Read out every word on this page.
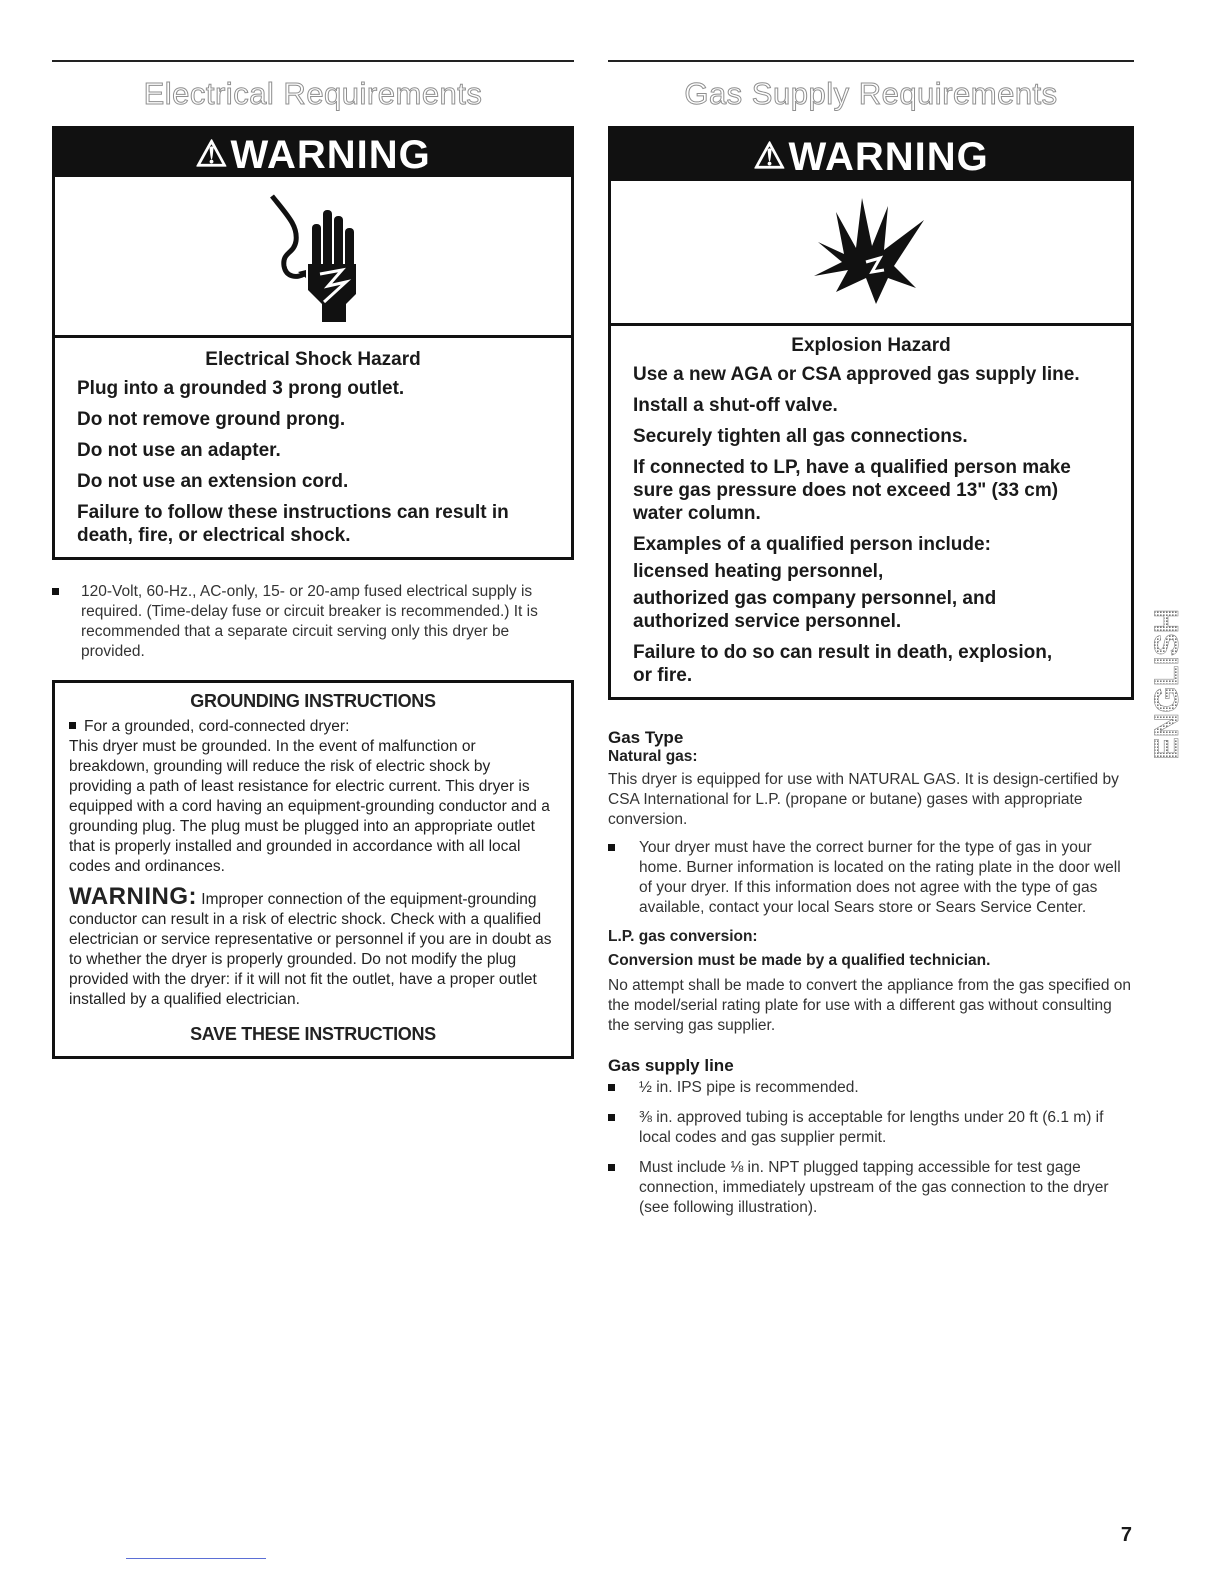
Electrical Requirements
⚠WARNING
Electrical Shock Hazard

Plug into a grounded 3 prong outlet.

Do not remove ground prong.

Do not use an adapter.

Do not use an extension cord.

Failure to follow these instructions can result in death, fire, or electrical shock.

120-Volt, 60-Hz., AC-only, 15- or 20-amp fused electrical supply is required. (Time-delay fuse or circuit breaker is recommended.) It is recommended that a separate circuit serving only this dryer be provided.
GROUNDING INSTRUCTIONS

For a grounded, cord-connected dryer:

This dryer must be grounded. In the event of malfunction or breakdown, grounding will reduce the risk of electric shock by providing a path of least resistance for electric current. This dryer is equipped with a cord having an equipment-grounding conductor and a grounding plug. The plug must be plugged into an appropriate outlet that is properly installed and grounded in accordance with all local codes and ordinances.

WARNING: Improper connection of the equipment-grounding conductor can result in a risk of electric shock. Check with a qualified electrician or service representative or personnel if you are in doubt as to whether the dryer is properly grounded. Do not modify the plug provided with the dryer: if it will not fit the outlet, have a proper outlet installed by a qualified electrician.

SAVE THESE INSTRUCTIONS
Gas Supply Requirements
⚠WARNING
Explosion Hazard

Use a new AGA or CSA approved gas supply line.

Install a shut-off valve.

Securely tighten all gas connections.

If connected to LP, have a qualified person make sure gas pressure does not exceed 13" (33 cm) water column.

Examples of a qualified person include:

licensed heating personnel,

authorized gas company personnel, and

authorized service personnel.

Failure to do so can result in death, explosion, or fire.

Gas Type

Natural gas:

This dryer is equipped for use with NATURAL GAS. It is design-certified by CSA International for L.P. (propane or butane) gases with appropriate conversion.

Your dryer must have the correct burner for the type of gas in your home. Burner information is located on the rating plate in the door well of your dryer. If this information does not agree with the type of gas available, contact your local Sears store or Sears Service Center.

L.P. gas conversion:

Conversion must be made by a qualified technician.

No attempt shall be made to convert the appliance from the gas specified on the model/serial rating plate for use with a different gas without consulting the serving gas supplier.

Gas supply line

½ in. IPS pipe is recommended.
⅜ in. approved tubing is acceptable for lengths under 20 ft (6.1 m) if local codes and gas supplier permit.
Must include ⅛ in. NPT plugged tapping accessible for test gage connection, immediately upstream of the gas connection to the dryer (see following illustration).
ENGLISH
7
